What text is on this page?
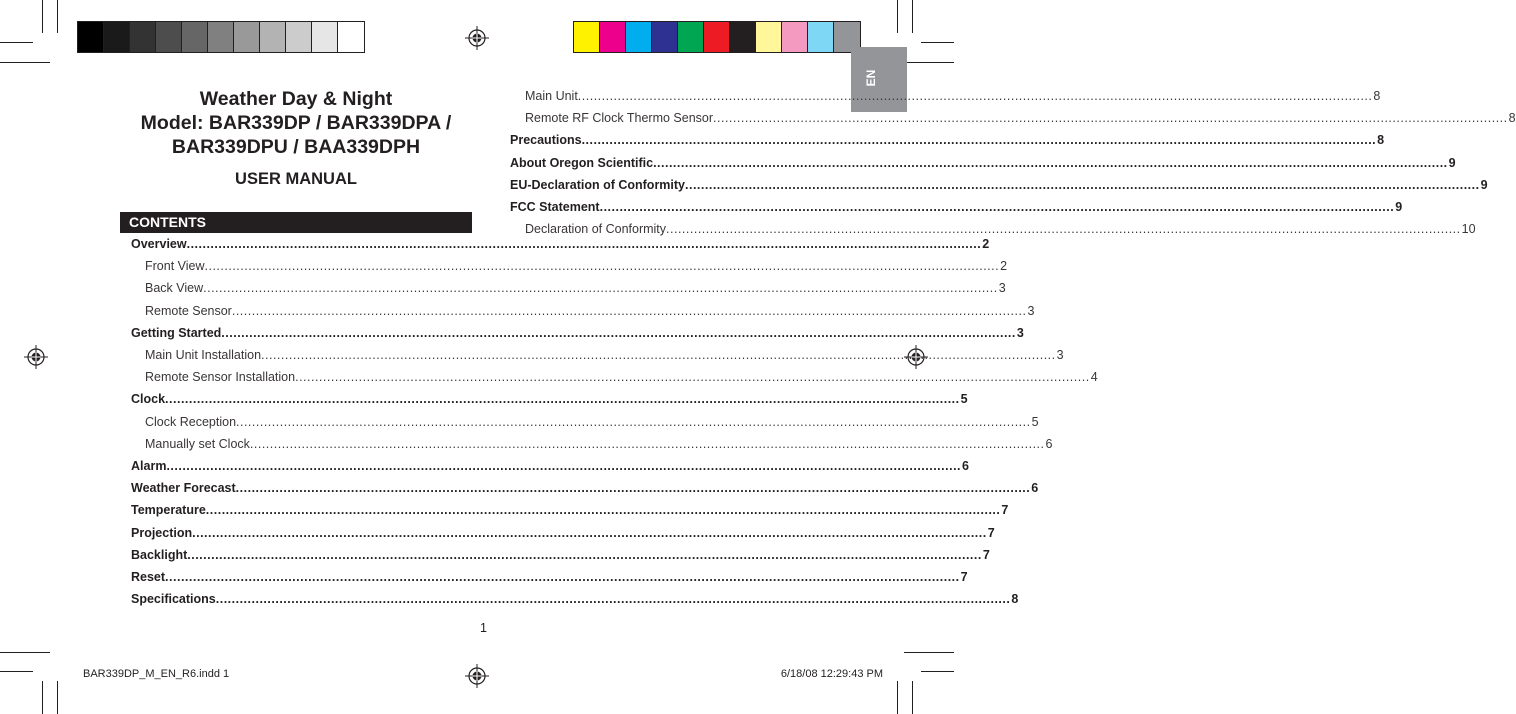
EN
Weather Day & Night
Model: BAR339DP / BAR339DPA /
BAR339DPU / BAA339DPH
USER MANUAL
CONTENTS
Overview ........................................................................................................................................................................................................ 2
Front View ........................................................................................................................................................................................................ 2
Back View ........................................................................................................................................................................................................ 3
Remote Sensor ........................................................................................................................................................................................................ 3
Getting Started ........................................................................................................................................................................................................ 3
Main Unit Installation ........................................................................................................................................................................................................ 3
Remote Sensor Installation ........................................................................................................................................................................................................ 4
Clock ........................................................................................................................................................................................................ 5
Clock Reception ........................................................................................................................................................................................................ 5
Manually set Clock ........................................................................................................................................................................................................ 6
Alarm ........................................................................................................................................................................................................ 6
Weather Forecast ........................................................................................................................................................................................................ 6
Temperature ........................................................................................................................................................................................................ 7
Projection ........................................................................................................................................................................................................ 7
Backlight ........................................................................................................................................................................................................ 7
Reset ........................................................................................................................................................................................................ 7
Specifications ........................................................................................................................................................................................................ 8
Main Unit ........................................................................................................................................................................................................ 8
Remote RF Clock Thermo Sensor ........................................................................................................................................................................................................ 8
Precautions ........................................................................................................................................................................................................ 8
About Oregon Scientific ........................................................................................................................................................................................................ 9
EU-Declaration of Conformity ........................................................................................................................................................................................................ 9
FCC Statement ........................................................................................................................................................................................................ 9
Declaration of Conformity ........................................................................................................................................................................................................ 10
1
BAR339DP_M_EN_R6.indd 1	6/18/08 12:29:43 PM
